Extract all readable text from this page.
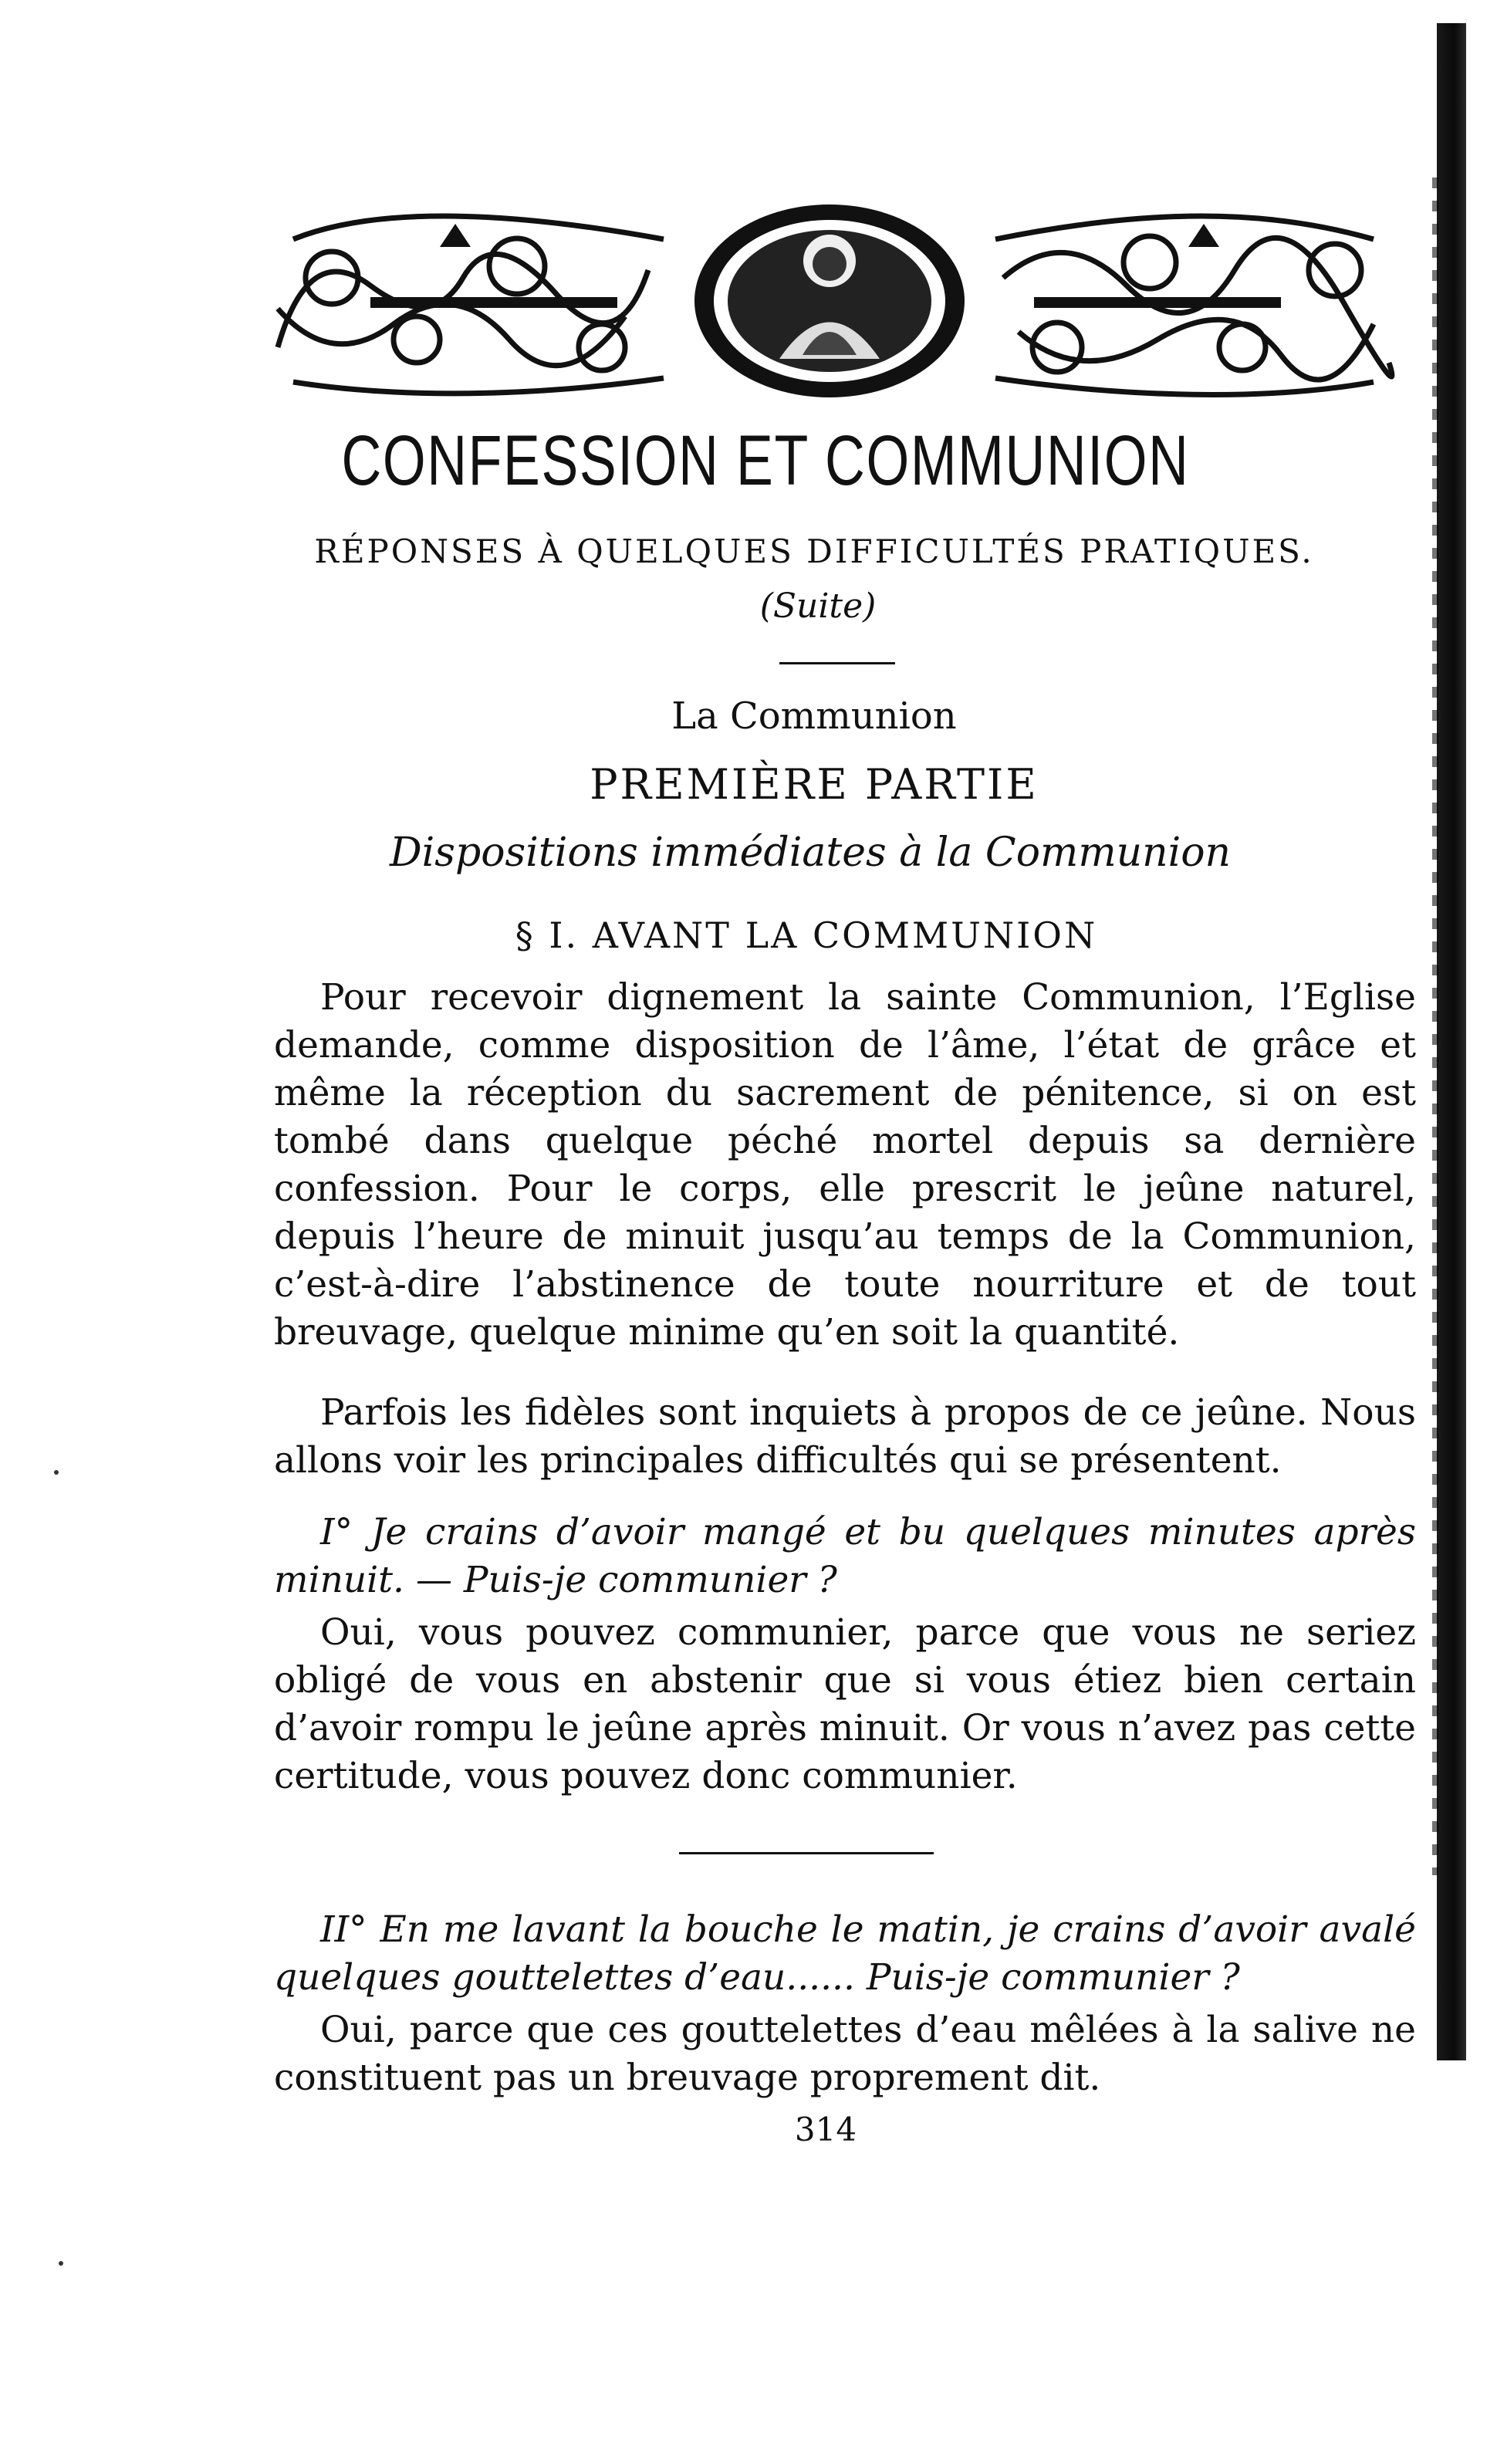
CONFESSION ET COMMUNION
RÉPONSES À QUELQUES DIFFICULTÉS PRATIQUES.
(Suite)
La Communion
PREMIÈRE PARTIE
Dispositions immédiates à la Communion
§ I. AVANT LA COMMUNION
Pour recevoir dignement la sainte Communion, l’Eglise demande, comme disposition de l’âme, l’état de grâce et même la réception du sacrement de pénitence, si on est tombé dans quelque péché mortel depuis sa dernière confession. Pour le corps, elle prescrit le jeûne naturel, depuis l’heure de minuit jusqu’au temps de la Communion, c’est-à-dire l’abstinence de toute nourriture et de tout breuvage, quelque minime qu’en soit la quantité.
Parfois les fidèles sont inquiets à propos de ce jeûne. Nous allons voir les principales difficultés qui se présentent.
I° Je crains d’avoir mangé et bu quelques minutes après minuit. — Puis-je communier ?
Oui, vous pouvez communier, parce que vous ne seriez obligé de vous en abstenir que si vous étiez bien certain d’avoir rompu le jeûne après minuit. Or vous n’avez pas cette certitude, vous pouvez donc communier.
II° En me lavant la bouche le matin, je crains d’avoir avalé quelques gouttelettes d’eau...... Puis-je communier ?
Oui, parce que ces gouttelettes d’eau mêlées à la salive ne constituent pas un breuvage proprement dit.
314
